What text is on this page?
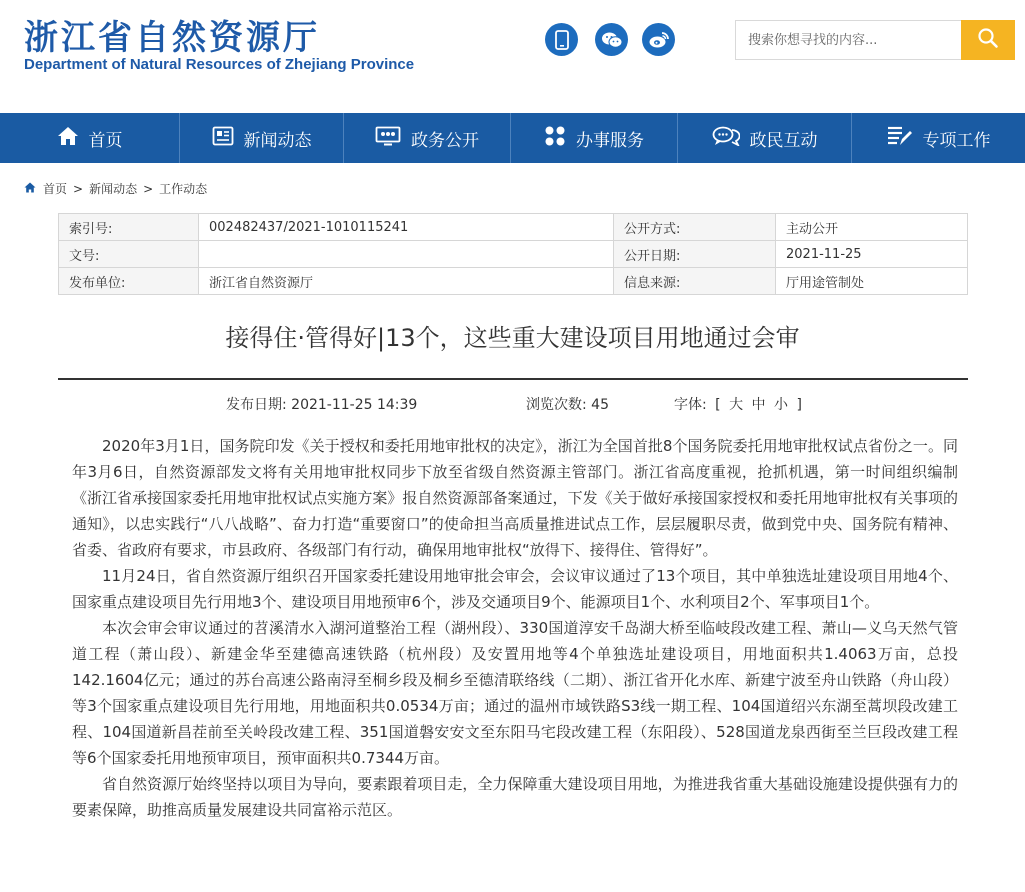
浙江省自然资源厅
Department of Natural Resources of Zhejiang Province
搜索你想寻找的内容...
首页	新闻动态	政务公开	办事服务	政民互动	专项工作
首页 > 新闻动态 > 工作动态
索引号:	002482437/2021-1010115241	公开方式:	主动公开
文号:		公开日期:	2021-11-25
发布单位:	浙江省自然资源厅	信息来源:	厅用途管制处
接得住·管得好|13个，这些重大建设项目用地通过会审
发布日期: 2021-11-25 14:39	浏览次数: 45	字体: [ 大 中 小 ]

2020年3月1日，国务院印发《关于授权和委托用地审批权的决定》，浙江为全国首批8个国务院委托用地审批权试点省份之一。同年3月6日，自然资源部发文将有关用地审批权同步下放至省级自然资源主管部门。浙江省高度重视，抢抓机遇，第一时间组织编制《浙江省承接国家委托用地审批权试点实施方案》报自然资源部备案通过，下发《关于做好承接国家授权和委托用地审批权有关事项的通知》，以忠实践行“八八战略”、奋力打造“重要窗口”的使命担当高质量推进试点工作，层层履职尽责，做到党中央、国务院有精神、省委、省政府有要求，市县政府、各级部门有行动，确保用地审批权“放得下、接得住、管得好”。

11月24日，省自然资源厅组织召开国家委托建设用地审批会审会，会议审议通过了13个项目，其中单独选址建设项目用地4个、国家重点建设项目先行用地3个、建设项目用地预审6个，涉及交通项目9个、能源项目1个、水利项目2个、军事项目1个。

本次会审会审议通过的苕溪清水入湖河道整治工程（湖州段）、330国道淳安千岛湖大桥至临岐段改建工程、萧山—义乌天然气管道工程（萧山段）、新建金华至建德高速铁路（杭州段）及安置用地等4个单独选址建设项目，用地面积共1.4063万亩，总投142.1604亿元；通过的苏台高速公路南浔至桐乡段及桐乡至德清联络线（二期）、浙江省开化水库、新建宁波至舟山铁路（舟山段）等3个国家重点建设项目先行用地，用地面积共0.0534万亩；通过的温州市域铁路S3线一期工程、104国道绍兴东湖至蒿坝段改建工程、104国道新昌茬前至关岭段改建工程、351国道磐安安文至东阳马宅段改建工程（东阳段）、528国道龙泉西街至兰巨段改建工程等6个国家委托用地预审项目，预审面积共0.7344万亩。

省自然资源厅始终坚持以项目为导向，要素跟着项目走，全力保障重大建设项目用地，为推进我省重大基础设施建设提供强有力的要素保障，助推高质量发展建设共同富裕示范区。
